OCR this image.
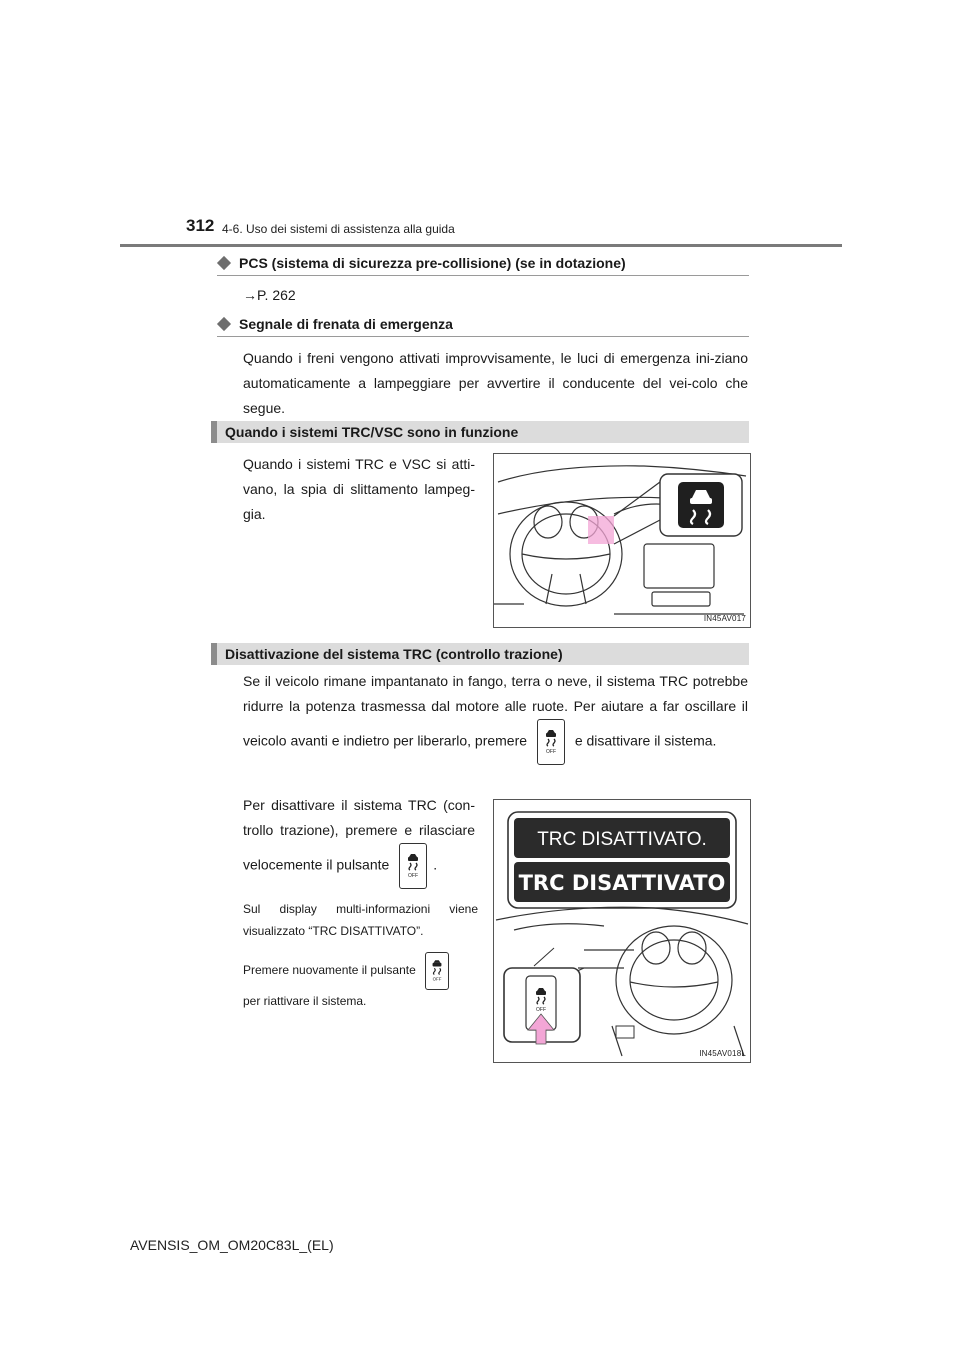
312 4-6. Uso dei sistemi di assistenza alla guida
PCS (sistema di sicurezza pre-collisione) (se in dotazione)
→P. 262
Segnale di frenata di emergenza
Quando i freni vengono attivati improvvisamente, le luci di emergenza ini-ziano automaticamente a lampeggiare per avvertire il conducente del vei-colo che segue.
Quando i sistemi TRC/VSC sono in funzione
Quando i sistemi TRC e VSC si atti-vano, la spia di slittamento lampeg-gia.
IN45AV017
Disattivazione del sistema TRC (controllo trazione)
Se il veicolo rimane impantanato in fango, terra o neve, il sistema TRC potrebbe ridurre la potenza trasmessa dal motore alle ruote. Per aiutare a far oscillare il veicolo avanti e indietro per liberarlo, premere
OFF
e disattivare il sistema.
Per disattivare il sistema TRC (con-trollo trazione), premere e rilasciare velocemente il pulsante
OFF
.
Sul display multi-informazioni viene visualizzato “TRC DISATTIVATO”.
Premere nuovamente il pulsante
OFF

per riattivare il sistema.
TRC DISATTIVATO.
TRC DISATTIVATO
OFF
IN45AV018L
AVENSIS_OM_OM20C83L_(EL)
